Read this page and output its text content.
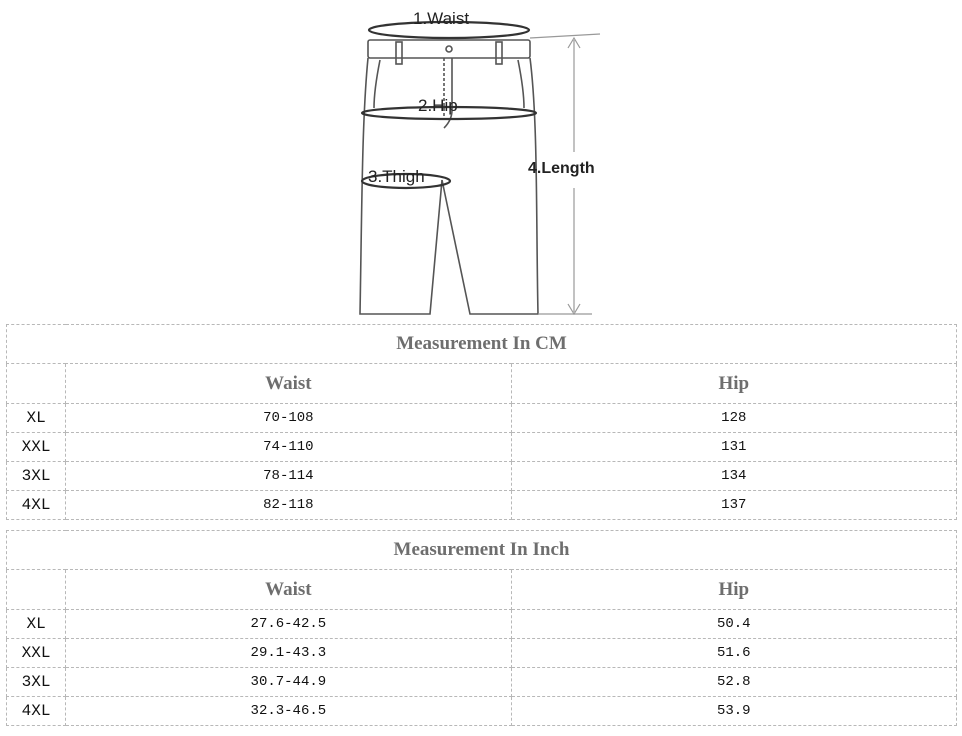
1.Waist
2.Hip
3.Thigh	4.Length
Measurement In CM		
	Waist	Hip
XL	70-108	128
XXL	74-110	131
3XL	78-114	134
4XL	82-118	137
Measurement In Inch		
	Waist	Hip
XL	27.6-42.5	50.4
XXL	29.1-43.3	51.6
3XL	30.7-44.9	52.8
4XL	32.3-46.5	53.9
